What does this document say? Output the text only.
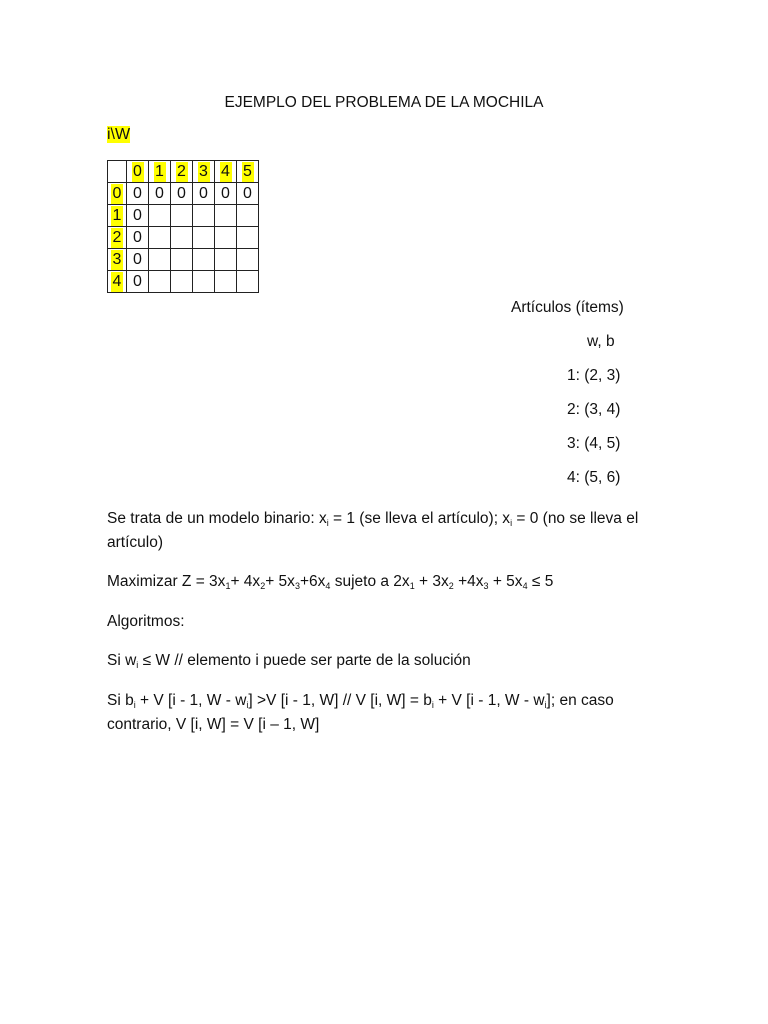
EJEMPLO DEL PROBLEMA DE LA MOCHILA
i\W
	0	1	2	3	4	5
0	0	0	0	0	0	0
1	0					
2	0					
3	0					
4	0					
Artículos (ítems)
w, b
1: (2, 3)
2: (3, 4)
3: (4, 5)
4: (5, 6)
Se trata de un modelo binario: $x_i = 1$ (se lleva el artículo); $x_i = 0$ (no se lleva el artículo)
Maximizar $Z = 3x_1+ 4x_2+ 5x_3+6x_4$ sujeto a $2x_1 + 3x_2 +4x_3 + 5x_4 \le 5$
Algoritmos:
Si $w_i \le W$ // elemento i puede ser parte de la solución
Si $b_i + V$ [i - 1, $W - w_i] >V$ [i - 1, W] // V [i, $W] = b_i + V$ [i - 1, W - $w_i$]; en caso contrario, V [i, W] = V [i – 1, W]
